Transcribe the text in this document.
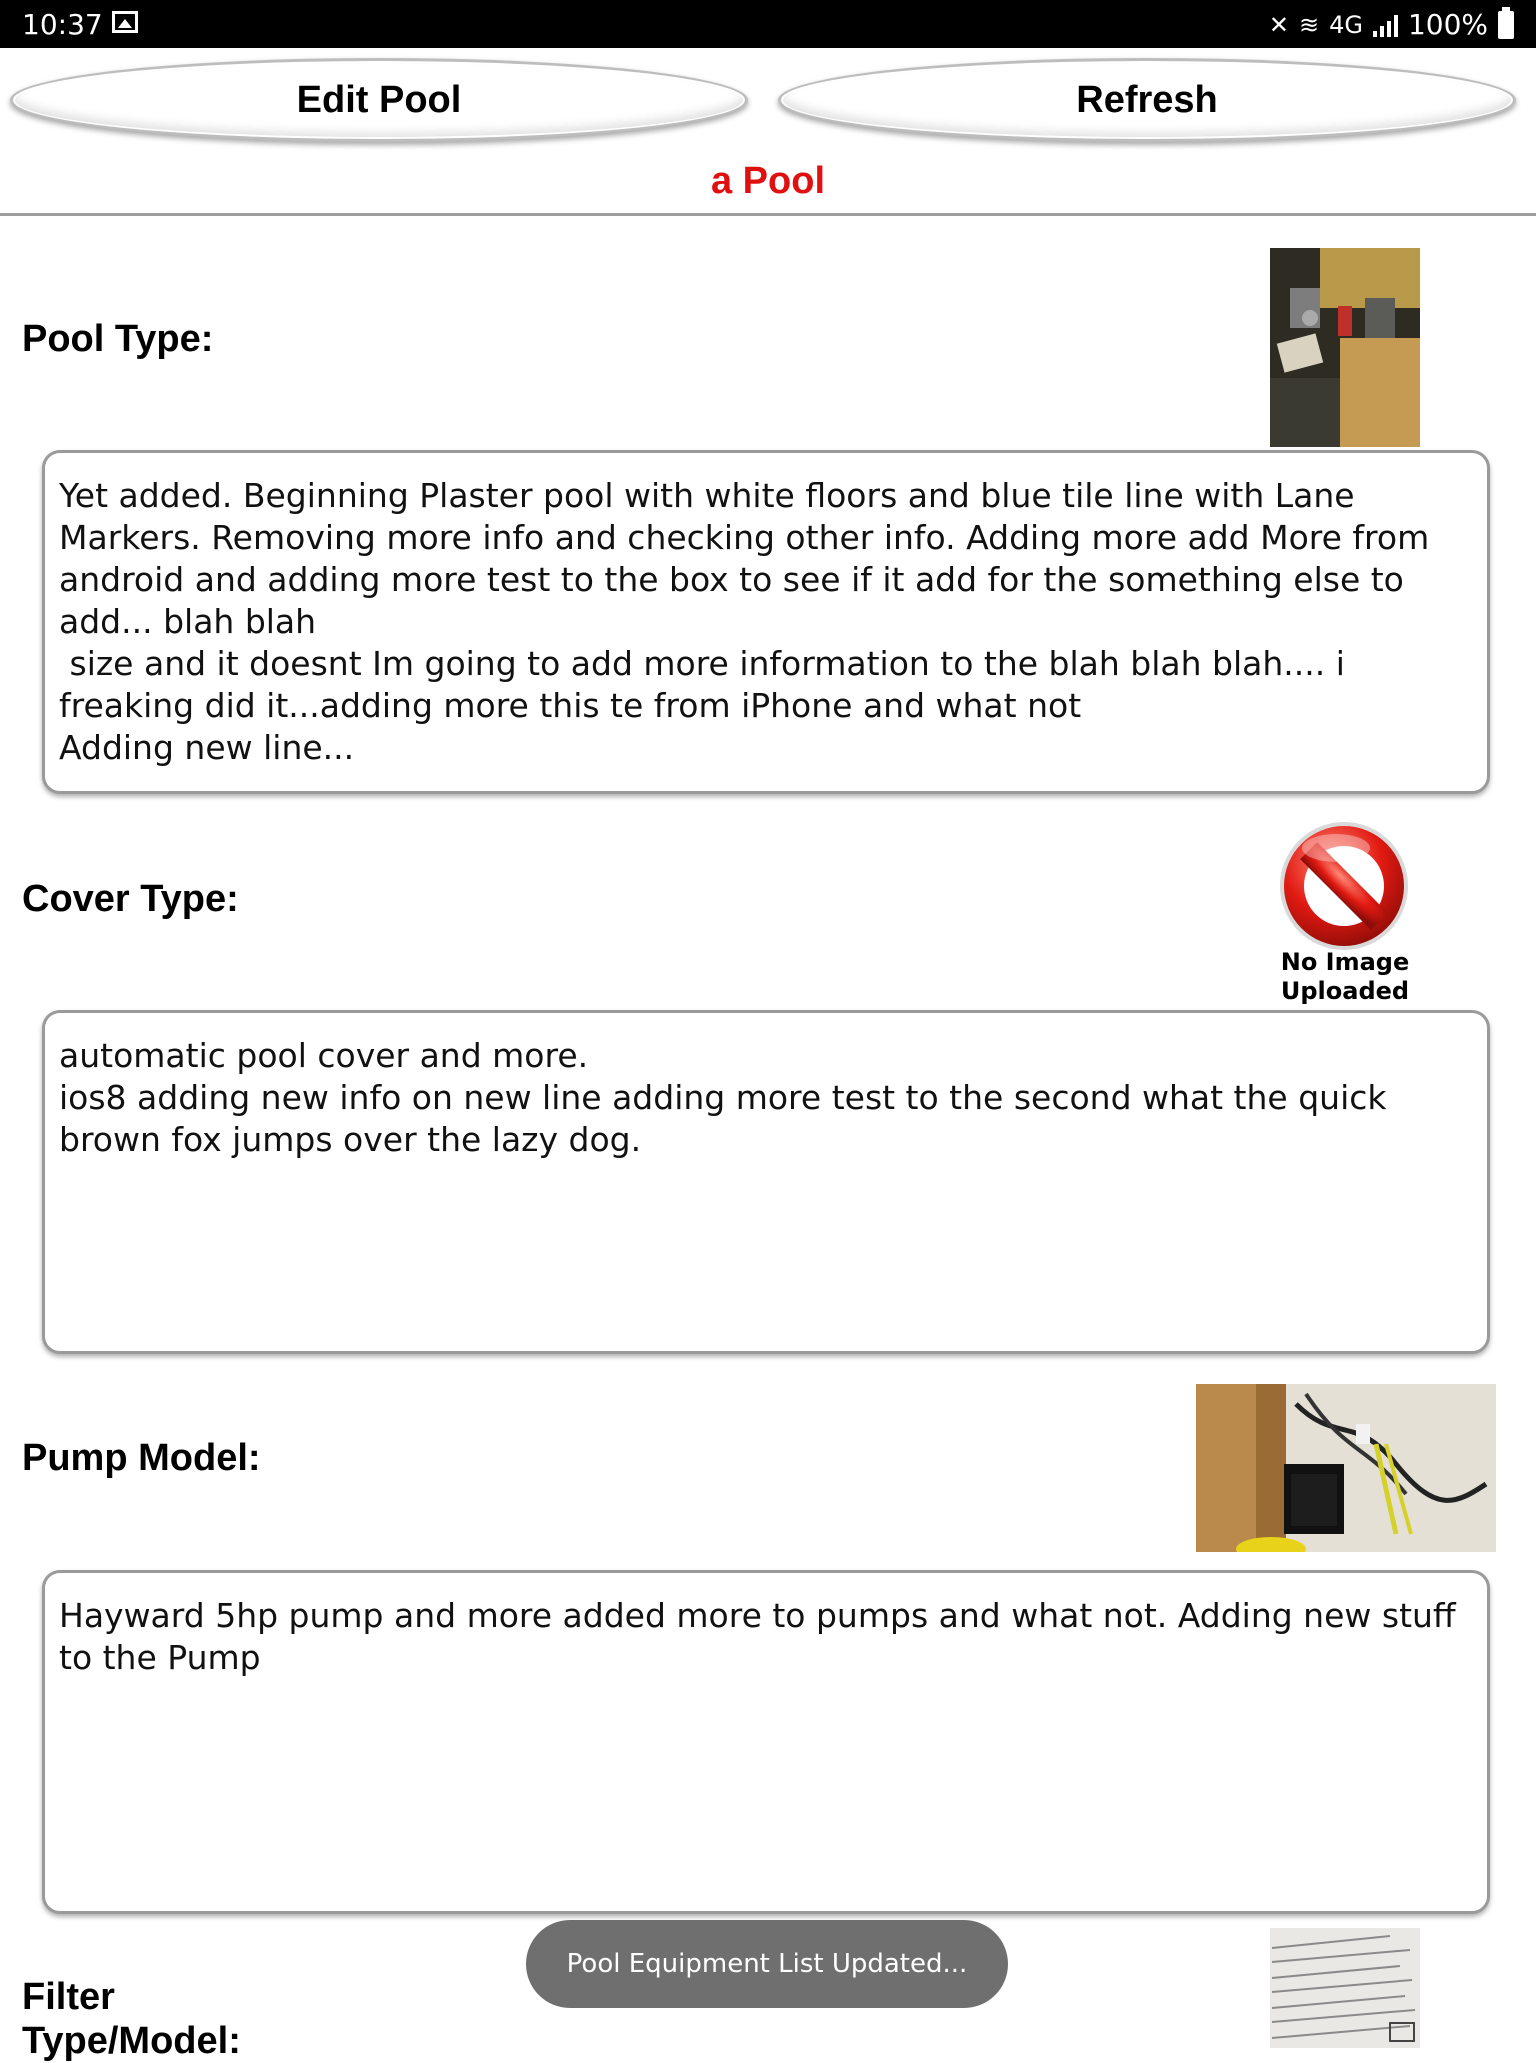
10:37	✕ ≋ 4G 100%
Edit Pool	Refresh
a Pool
Pool Type:
Yet added. Beginning Plaster pool with white floors and blue tile line with Lane Markers. Removing more info and checking other info. Adding more add More from android and adding more test to the box to see if it add for the something else to add... blah blah
size and it doesnt Im going to add more information to the blah blah blah.... i freaking did it...adding more this te from iPhone and what not
Adding new line...
Cover Type:
No Image
Uploaded
automatic pool cover and more.
ios8 adding new info on new line adding more test to the second what the quick brown fox jumps over the lazy dog.
Pump Model:
Hayward 5hp pump and more added more to pumps and what not. Adding new stuff to the Pump
Filter
Type/Model:
Pool Equipment List Updated...
